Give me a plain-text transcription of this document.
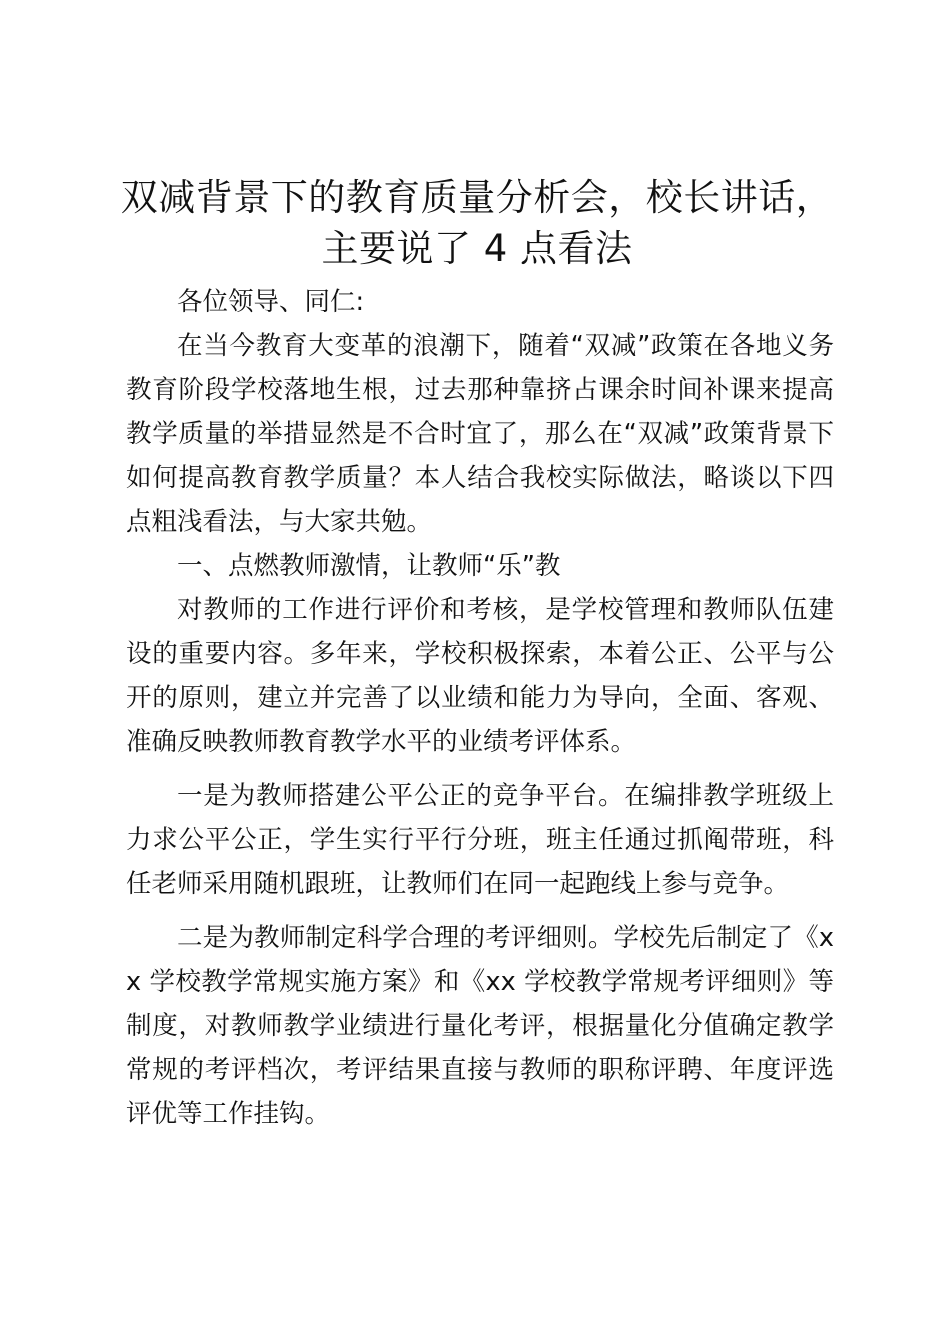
双减背景下的教育质量分析会，校长讲话，主要说了 4 点看法

各位领导、同仁:

在当今教育大变革的浪潮下，随着“双减”政策在各地义务教育阶段学校落地生根，过去那种靠挤占课余时间补课来提高教学质量的举措显然是不合时宜了，那么在“双减”政策背景下如何提高教育教学质量？本人结合我校实际做法，略谈以下四点粗浅看法，与大家共勉。

一、点燃教师激情，让教师“乐”教

对教师的工作进行评价和考核，是学校管理和教师队伍建设的重要内容。多年来，学校积极探索，本着公正、公平与公开的原则，建立并完善了以业绩和能力为导向，全面、客观、准确反映教师教育教学水平的业绩考评体系。

一是为教师搭建公平公正的竞争平台。在编排教学班级上力求公平公正，学生实行平行分班，班主任通过抓阄带班，科任老师采用随机跟班，让教师们在同一起跑线上参与竞争。

二是为教师制定科学合理的考评细则。学校先后制定了《xx 学校教学常规实施方案》和《xx 学校教学常规考评细则》等制度，对教师教学业绩进行量化考评，根据量化分值确定教学常规的考评档次，考评结果直接与教师的职称评聘、年度评选评优等工作挂钩。
